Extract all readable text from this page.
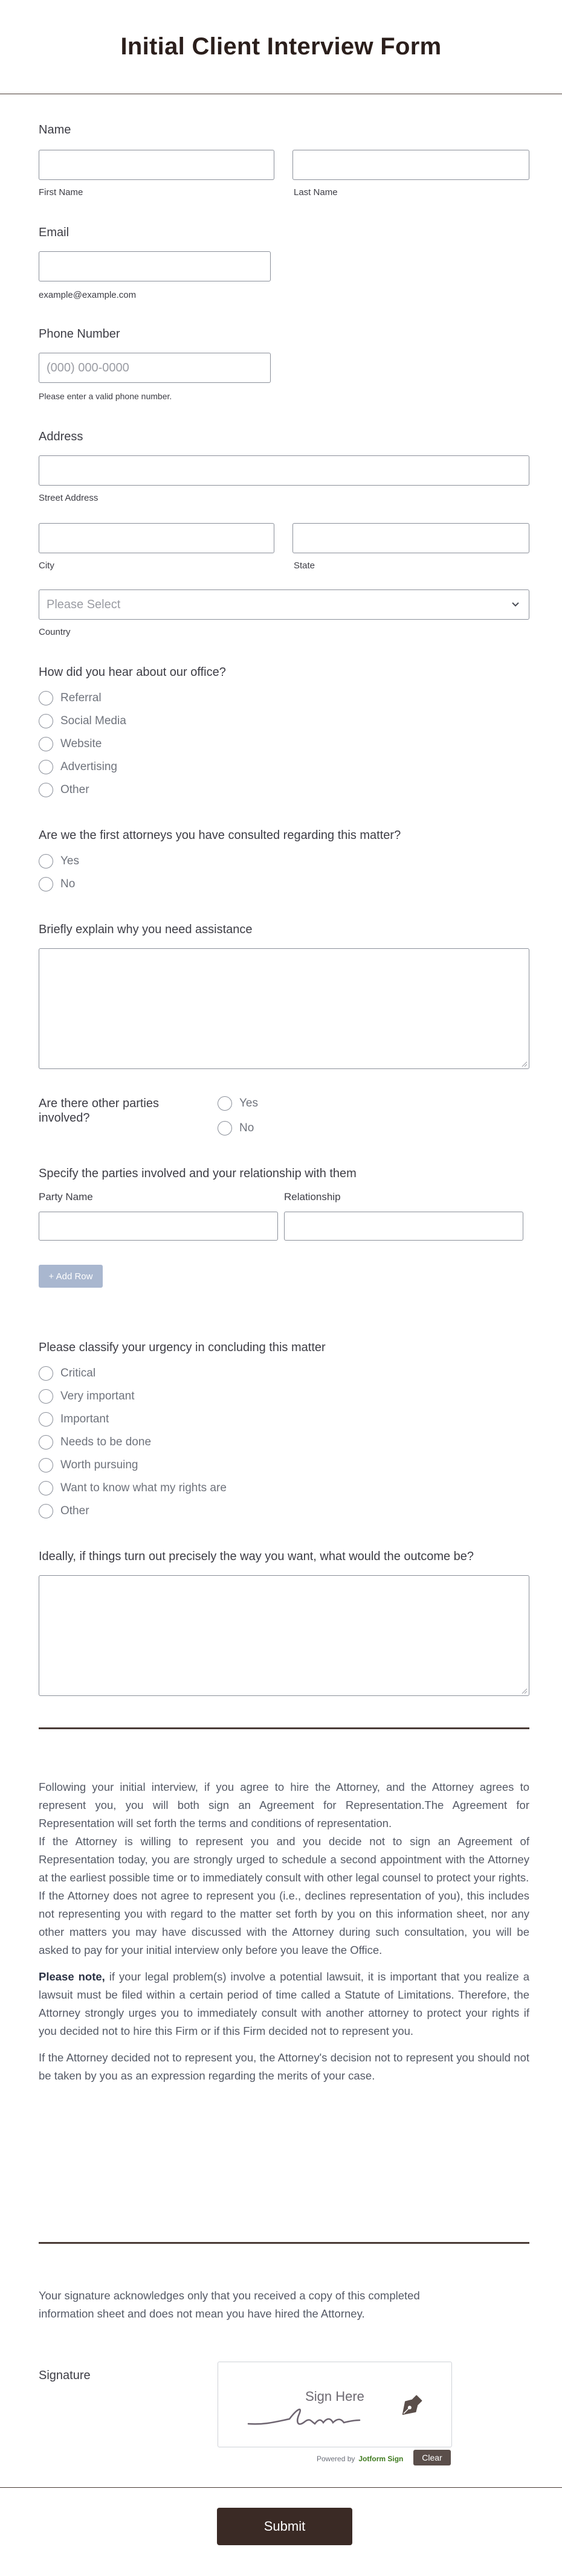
Initial Client Interview Form
Name
First Name	Last Name
Email
example@example.com
Phone Number
(000) 000-0000
Please enter a valid phone number.
Address
Street Address
City	State
Please Select
Country
How did you hear about our office?
Referral
Social Media
Website
Advertising
Other
Are we the first attorneys you have consulted regarding this matter?
Yes
No
Briefly explain why you need assistance
Are there other parties
involved?
Yes
No
Specify the parties involved and your relationship with them
Party Name	Relationship
+ Add Row
Please classify your urgency in concluding this matter
Critical
Very important
Important
Needs to be done
Worth pursuing
Want to know what my rights are
Other
Ideally, if things turn out precisely the way you want, what would the outcome be?
Following your initial interview, if you agree to hire the Attorney, and the Attorney agrees to represent you, you will both sign an Agreement for Representation.The Agreement for Representation will set forth the terms and conditions of representation.
If the Attorney is willing to represent you and you decide not to sign an Agreement of Representation today, you are strongly urged to schedule a second appointment with the Attorney at the earliest possible time or to immediately consult with other legal counsel to protect your rights.
If the Attorney does not agree to represent you (i.e., declines representation of you), this includes not representing you with regard to the matter set forth by you on this information sheet, nor any other matters you may have discussed with the Attorney during such consultation, you will be asked to pay for your initial interview only before you leave the Office.
Please note, if your legal problem(s) involve a potential lawsuit, it is important that you realize a lawsuit must be filed within a certain period of time called a Statute of Limitations. Therefore, the Attorney strongly urges you to immediately consult with another attorney to protect your rights if you decided not to hire this Firm or if this Firm decided not to represent you.
If the Attorney decided not to represent you, the Attorney's decision not to represent you should not be taken by you as an expression regarding the merits of your case.
Your signature acknowledges only that you received a copy of this completed
information sheet and does not mean you have hired the Attorney.
Signature
Sign Here
Powered by Jotform Sign	Clear
Submit
